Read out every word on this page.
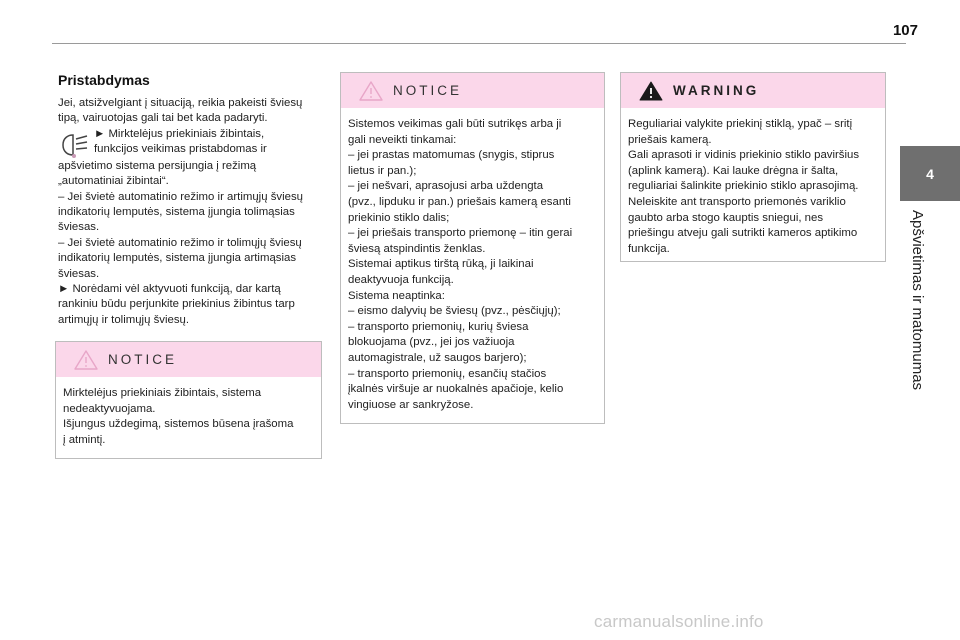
107
4
Apšvietimas ir matomumas
Pristabdymas
Jei, atsižvelgiant į situaciją, reikia pakeisti šviesų
tipą, vairuotojas gali tai bet kada padaryti.
► Mirktelėjus priekiniais žibintais,
funkcijos veikimas pristabdomas ir
apšvietimo sistema persijungia į režimą
„automatiniai žibintai“.
– Jei švietė automatinio režimo ir artimųjų šviesų
indikatorių lemputės, sistema įjungia tolimąsias
šviesas.
– Jei švietė automatinio režimo ir tolimųjų šviesų
indikatorių lemputės, sistema įjungia artimąsias
šviesas.
► Norėdami vėl aktyvuoti funkciją, dar kartą
rankiniu būdu perjunkite priekinius žibintus tarp
artimųjų ir tolimųjų šviesų.
NOTICE
Mirktelėjus priekiniais žibintais, sistema
nedeaktyvuojama.
Išjungus uždegimą, sistemos būsena įrašoma
į atmintį.
NOTICE
Sistemos veikimas gali būti sutrikęs arba ji
gali neveikti tinkamai:
– jei prastas matomumas (snygis, stiprus
lietus ir pan.);
– jei nešvari, aprasojusi arba uždengta
(pvz., lipduku ir pan.) priešais kamerą esanti
priekinio stiklo dalis;
– jei priešais transporto priemonę – itin gerai
šviesą atspindintis ženklas.
Sistemai aptikus tirštą rūką, ji laikinai
deaktyvuoja funkciją.
Sistema neaptinka:
– eismo dalyvių be šviesų (pvz., pėsčiųjų);
– transporto priemonių, kurių šviesa
blokuojama (pvz., jei jos važiuoja
automagistrale, už saugos barjero);
– transporto priemonių, esančių stačios
įkalnės viršuje ar nuokalnės apačioje, kelio
vingiuose ar sankryžose.
WARNING
Reguliariai valykite priekinį stiklą, ypač – sritį
priešais kamerą.
Gali aprasoti ir vidinis priekinio stiklo paviršius
(aplink kamerą). Kai lauke drėgna ir šalta,
reguliariai šalinkite priekinio stiklo aprasojimą.
Neleiskite ant transporto priemonės variklio
gaubto arba stogo kauptis sniegui, nes
priešingu atveju gali sutrikti kameros aptikimo
funkcija.
carmanualsonline.info
